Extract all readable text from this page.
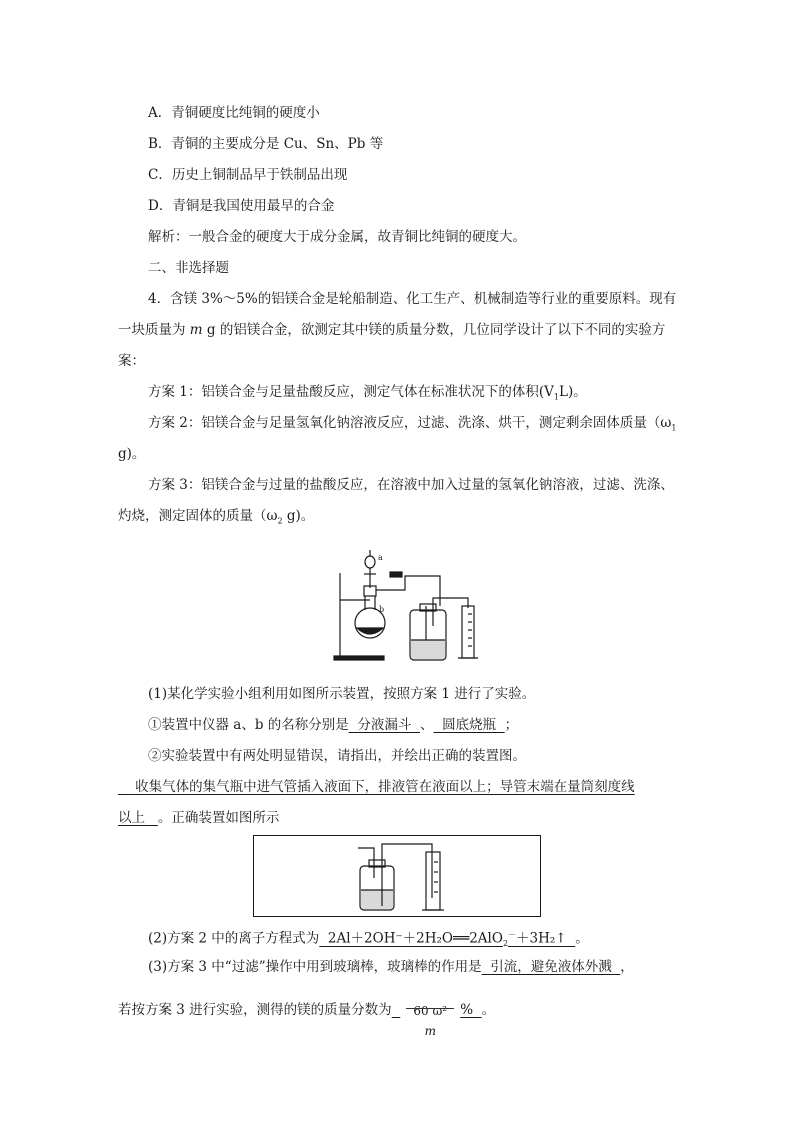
A．青铜硬度比纯铜的硬度小
B．青铜的主要成分是 Cu、Sn、Pb 等
C．历史上铜制品早于铁制品出现
D．青铜是我国使用最早的合金
解析：一般合金的硬度大于成分金属，故青铜比纯铜的硬度大。
二、非选择题
4．含镁 3%～5%的铝镁合金是轮船制造、化工生产、机械制造等行业的重要原料。现有
一块质量为 m g 的铝镁合金，欲测定其中镁的质量分数，几位同学设计了以下不同的实验方
案：
方案 1：铝镁合金与足量盐酸反应，测定气体在标准状况下的体积$(V_1L)$。
方案 2：铝镁合金与足量氢氧化钠溶液反应，过滤、洗涤、烘干，测定剩余固体质量（$\omega_1$
g)。
方案 3：铝镁合金与过量的盐酸反应，在溶液中加入过量的氢氧化钠溶液，过滤、洗涤、
灼烧，测定固体的质量（$\omega_2$ g)。
a
b
(1)某化学实验小组利用如图所示装置，按照方案 1 进行了实验。
①装置中仪器 a、b 的名称分别是 分液漏斗 、 圆底烧瓶 ；
②实验装置中有两处明显错误，请指出，并绘出正确的装置图。
收集气体的集气瓶中进气管插入液面下，排液管在液面以上；导管末端在量筒刻度线
以上 。正确装置如图所示
(2)方案 2 中的离子方程式为 2Al＋2OH⁻＋2H₂O══2AlO$_2$－＋3H₂↑ 。
(3)方案 3 中“过滤”操作中用到玻璃棒，玻璃棒的作用是 引流，避免液体外溅 ，
若按方案 3 进行实验，测得的镁的质量分数为	60 ω²
m
% 。
